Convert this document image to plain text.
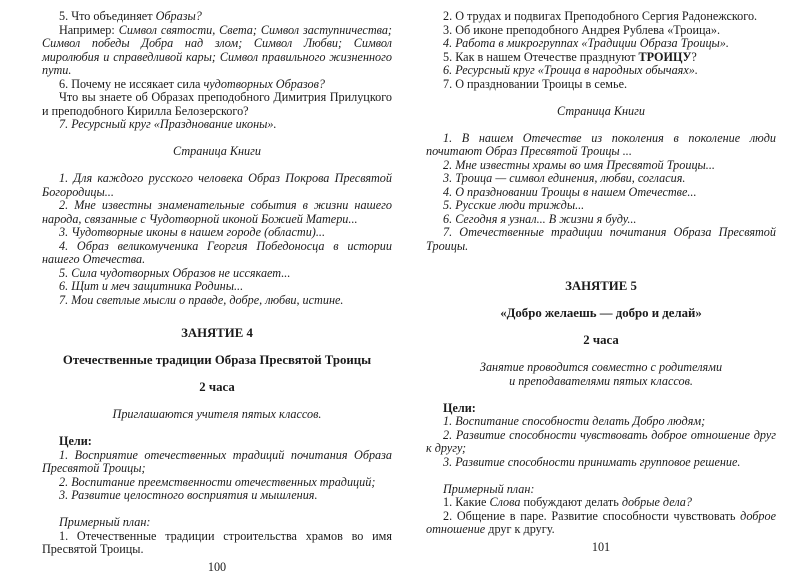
5. Что объединяет Образы?
Например: Символ святости, Света; Символ заступничества; Символ победы Добра над злом; Символ Любви; Символ миролюбия и справедливой кары; Символ правильного жизненного пути.
6. Почему не иссякает сила чудотворных Образов?
Что вы знаете об Образах преподобного Димитрия Прилуцкого и преподобного Кирилла Белозерского?
7. Ресурсный круг «Празднование иконы».
Страница Книги
1. Для каждого русского человека Образ Покрова Пресвятой Богородицы...
2. Мне известны знаменательные события в жизни нашего народа, связанные с Чудотворной иконой Божией Матери...
3. Чудотворные иконы в нашем городе (области)...
4. Образ великомученика Георгия Победоносца в истории нашего Отечества.
5. Сила чудотворных Образов не иссякает...
6. Щит и меч защитника Родины...
7. Мои светлые мысли о правде, добре, любви, истине.
ЗАНЯТИЕ 4
Отечественные традиции Образа Пресвятой Троицы
2 часа
Приглашаются учителя пятых классов.
Цели:
1. Восприятие отечественных традиций почитания Образа Пресвятой Троицы;
2. Воспитание преемственности отечественных традиций;
3. Развитие целостного восприятия и мышления.
Примерный план:
1. Отечественные традиции строительства храмов во имя Пресвятой Троицы.
100
2. О трудах и подвигах Преподобного Сергия Радонежского.
3. Об иконе преподобного Андрея Рублева «Троица».
4. Работа в микрогруппах «Традиции Образа Троицы».
5. Как в нашем Отечестве празднуют ТРОИЦУ?
6. Ресурсный круг «Троица в народных обычаях».
7. О праздновании Троицы в семье.
Страница Книги
1. В нашем Отечестве из поколения в поколение люди почитают Образ Пресвятой Троицы ...
2. Мне известны храмы во имя Пресвятой Троицы...
3. Троица — символ единения, любви, согласия.
4. О праздновании Троицы в нашем Отечестве...
5. Русские люди трижды...
6. Сегодня я узнал... В жизни я буду...
7. Отечественные традиции почитания Образа Пресвятой Троицы.
ЗАНЯТИЕ 5
«Добро желаешь — добро и делай»
2 часа
Занятие проводится совместно с родителями
и преподавателями пятых классов.
Цели:
1. Воспитание способности делать Добро людям;
2. Развитие способности чувствовать доброе отношение друг к другу;
3. Развитие способности принимать групповое решение.
Примерный план:
1. Какие Слова побуждают делать добрые дела?
2. Общение в паре. Развитие способности чувствовать доброе отношение друг к другу.
101
